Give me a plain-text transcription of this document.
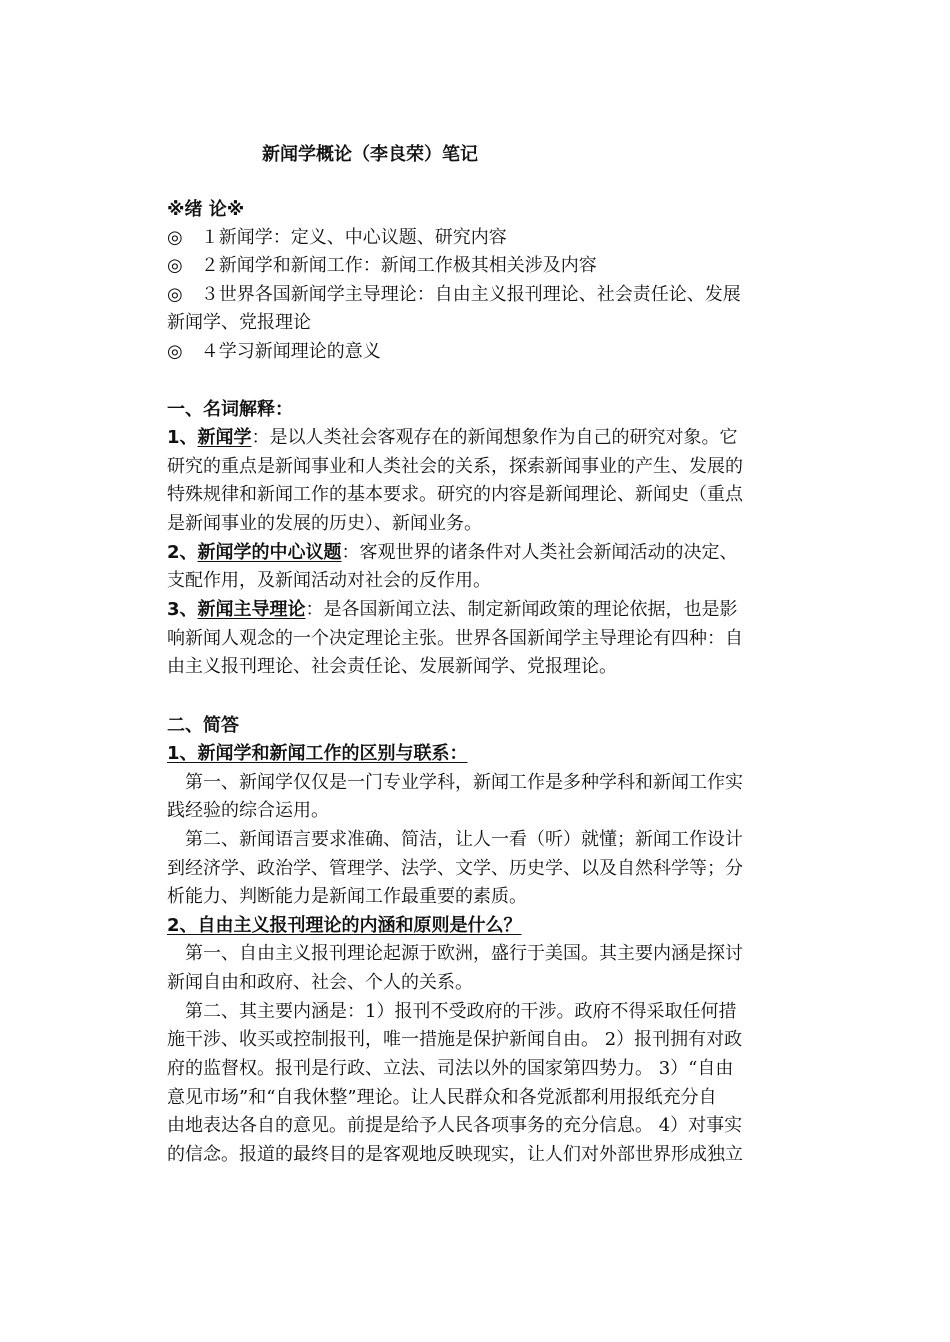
新闻学概论（李良荣）笔记
※绪 论※
◎　１新闻学：定义、中心议题、研究内容
◎　２新闻学和新闻工作：新闻工作极其相关涉及内容
◎　３世界各国新闻学主导理论：自由主义报刊理论、社会责任论、发展
新闻学、党报理论
◎　４学习新闻理论的意义
一、名词解释：
1、新闻学：是以人类社会客观存在的新闻想象作为自己的研究对象。它
研究的重点是新闻事业和人类社会的关系，探索新闻事业的产生、发展的
特殊规律和新闻工作的基本要求。研究的内容是新闻理论、新闻史（重点
是新闻事业的发展的历史）、新闻业务。
2、新闻学的中心议题：客观世界的诸条件对人类社会新闻活动的决定、
支配作用，及新闻活动对社会的反作用。
3、新闻主导理论：是各国新闻立法、制定新闻政策的理论依据，也是影
响新闻人观念的一个决定理论主张。世界各国新闻学主导理论有四种：自
由主义报刊理论、社会责任论、发展新闻学、党报理论。
二、简答
1、新闻学和新闻工作的区别与联系：
　第一、新闻学仅仅是一门专业学科，新闻工作是多种学科和新闻工作实
践经验的综合运用。
　第二、新闻语言要求准确、简洁，让人一看（听）就懂；新闻工作设计
到经济学、政治学、管理学、法学、文学、历史学、以及自然科学等；分
析能力、判断能力是新闻工作最重要的素质。
2、自由主义报刊理论的内涵和原则是什么？
　第一、自由主义报刊理论起源于欧洲，盛行于美国。其主要内涵是探讨
新闻自由和政府、社会、个人的关系。
　第二、其主要内涵是：1）报刊不受政府的干涉。政府不得采取任何措
施干涉、收买或控制报刊，唯一措施是保护新闻自由。 2）报刊拥有对政
府的监督权。报刊是行政、立法、司法以外的国家第四势力。 3）“自由
意见市场”和“自我休整”理论。让人民群众和各党派都利用报纸充分自
由地表达各自的意见。前提是给予人民各项事务的充分信息。 4）对事实
的信念。报道的最终目的是客观地反映现实，让人们对外部世界形成独立
